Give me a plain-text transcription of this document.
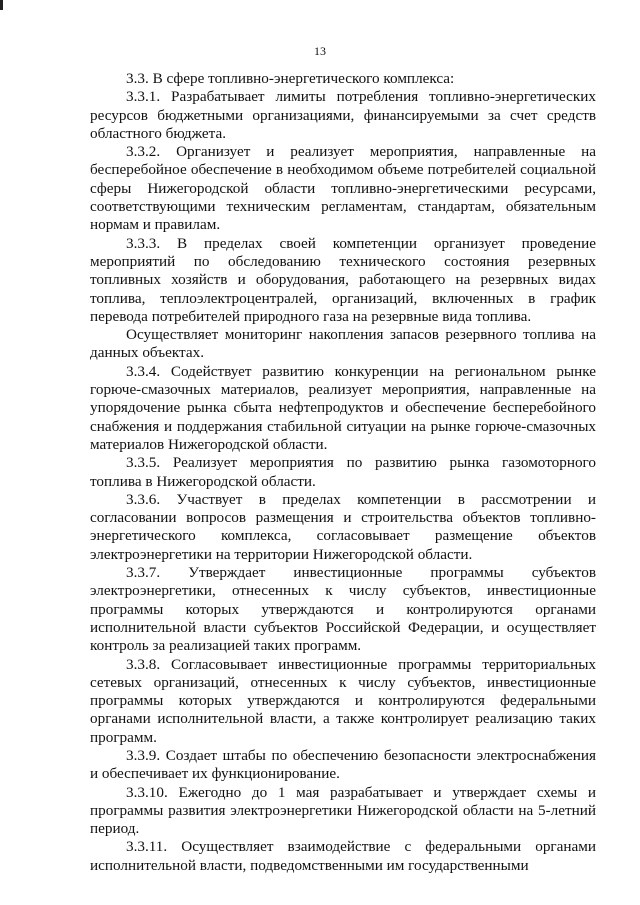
13

3.3. В сфере топливно-энергетического комплекса:

3.3.1. Разрабатывает лимиты потребления топливно-энергетических ресурсов бюджетными организациями, финансируемыми за счет средств областного бюджета.

3.3.2. Организует и реализует мероприятия, направленные на бесперебойное обеспечение в необходимом объеме потребителей социальной сферы Нижегородской области топливно-энергетическими ресурсами, соответствующими техническим регламентам, стандартам, обязательным нормам и правилам.

3.3.3. В пределах своей компетенции организует проведение мероприятий по обследованию технического состояния резервных топливных хозяйств и оборудования, работающего на резервных видах топлива, теплоэлектроцентралей, организаций, включенных в график перевода потребителей природного газа на резервные вида топлива.

Осуществляет мониторинг накопления запасов резервного топлива на данных объектах.

3.3.4. Содействует развитию конкуренции на региональном рынке горюче-смазочных материалов, реализует мероприятия, направленные на упорядочение рынка сбыта нефтепродуктов и обеспечение бесперебойного снабжения и поддержания стабильной ситуации на рынке горюче-смазочных материалов Нижегородской области.

3.3.5. Реализует мероприятия по развитию рынка газомоторного топлива в Нижегородской области.

3.3.6. Участвует в пределах компетенции в рассмотрении и согласовании вопросов размещения и строительства объектов топливно-энергетического комплекса, согласовывает размещение объектов электроэнергетики на территории Нижегородской области.

3.3.7. Утверждает инвестиционные программы субъектов электроэнергетики, отнесенных к числу субъектов, инвестиционные программы которых утверждаются и контролируются органами исполнительной власти субъектов Российской Федерации, и осуществляет контроль за реализацией таких программ.

3.3.8. Согласовывает инвестиционные программы территориальных сетевых организаций, отнесенных к числу субъектов, инвестиционные программы которых утверждаются и контролируются федеральными органами исполнительной власти, а также контролирует реализацию таких программ.

3.3.9. Создает штабы по обеспечению безопасности электроснабжения и обеспечивает их функционирование.

3.3.10. Ежегодно до 1 мая разрабатывает и утверждает схемы и программы развития электроэнергетики Нижегородской области на 5-летний период.

3.3.11. Осуществляет взаимодействие с федеральными органами исполнительной власти, подведомственными им государственными
